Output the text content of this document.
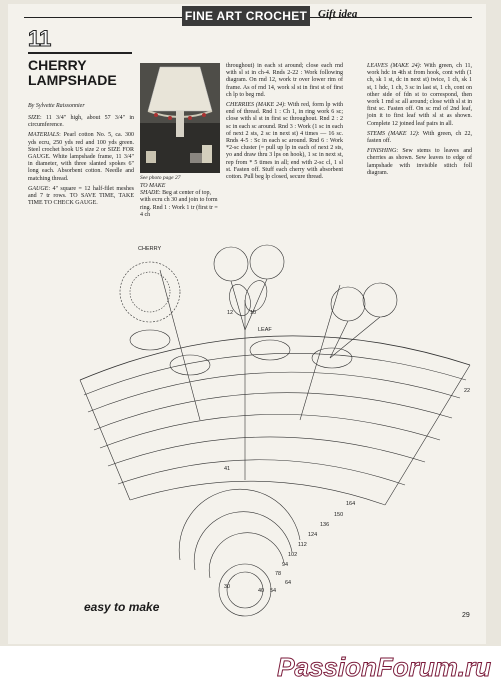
FINE ART CROCHET Gift idea
11
CHERRY LAMPSHADE
By Sylvette Raissonnier

SIZE: 11 3/4" high, about 57 3/4" in circumference.

MATERIALS: Pearl cotton No. 5, ca. 300 yds ecru, 250 yds red and 100 yds green. Steel crochet hook US size 2 or SIZE FOR GAUGE. White lampshade frame, 11 3/4" in diameter, with three slanted spokes 6" long each. Absorbent cotton. Needle and matching thread.

GAUGE: 4" square = 12 half-filet meshes and 7 tr rows. TO SAVE TIME, TAKE TIME TO CHECK GAUGE.

See photo page 27
TO MAKE
SHADE: Beg at center of top, with ecru ch 30 and join to form ring. Rnd 1 : Work 1 tr (first tr = 4 ch

throughout) in each st around; close each rnd with sl st in ch-4. Rnds 2-22 : Work following diagram. On rnd 12, work tr over lower rim of frame. As of rnd 14, work sl st in first st of first ch lp to beg rnd.

CHERRIES (MAKE 24): With red, form lp with end of thread. Rnd 1 : Ch 1, in ring work 6 sc; close with sl st in first sc throughout. Rnd 2 : 2 sc in each sc around. Rnd 3 : Work (1 sc in each of next 2 sts, 2 sc in next st) 4 times — 16 sc. Rnds 4-5 : Sc in each sc around. Rnd 6 : Work *2-sc cluster (= pull up lp in each of next 2 sts, yo and draw thru 3 lps on hook), 1 sc in next st, rep from * 5 times in all; end with 2-sc cl, 1 sl st. Fasten off. Stuff each cherry with absorbent cotton. Pull beg lp closed, secure thread.

LEAVES (MAKE 24): With green, ch 11, work hdc in 4th st from hook, cont with (1 ch, sk 1 st, dc in next st) twice, 1 ch, sk 1 st, 1 hdc, 1 ch, 3 sc in last st, 1 ch, cont on other side of fdn st to correspond, then work 1 rnd sc all around; close with sl st in first sc. Fasten off. On sc rnd of 2nd leaf, join it to first leaf with sl st as shown. Complete 12 joined leaf pairs in all.

STEMS (MAKE 12): With green, ch 22, fasten off.

FINISHING: Sew stems to leaves and cherries as shown. Sew leaves to edge of lampshade with invisible stitch foll diagram.

CHERRY
LEAF
12	10
22
41
30
164
150
136
124
112
102
94
78
64
54
40
easy to make
29
PassionForum.ru
